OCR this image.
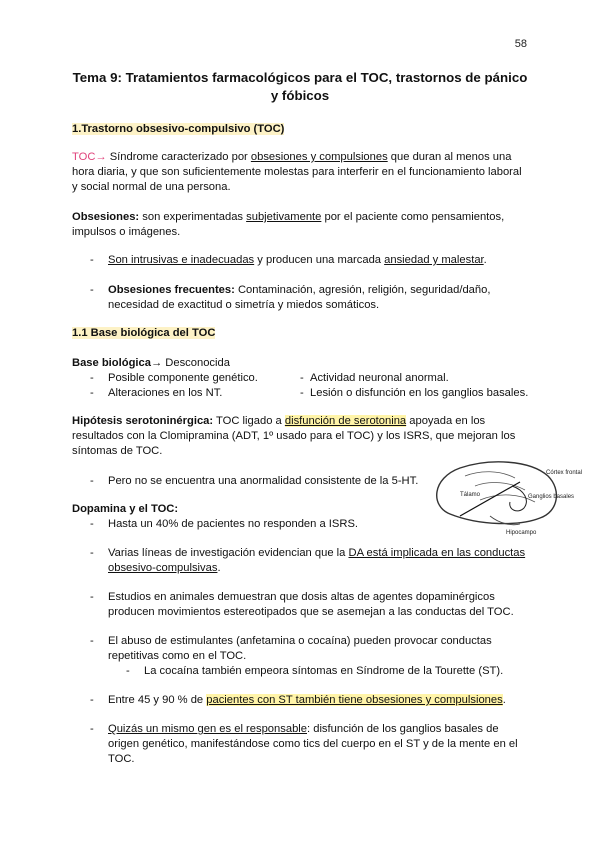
58
Tema 9: Tratamientos farmacológicos para el TOC, trastornos de pánico
y fóbicos
1.Trastorno obsesivo-compulsivo (TOC)
TOC→ Síndrome caracterizado por obsesiones y compulsiones que duran al menos una hora diaria, y que son suficientemente molestas para interferir en el funcionamiento laboral y social normal de una persona.
Obsesiones: son experimentadas subjetivamente por el paciente como pensamientos, impulsos o imágenes.
- Son intrusivas e inadecuadas y producen una marcada ansiedad y malestar.
- Obsesiones frecuentes: Contaminación, agresión, religión, seguridad/daño, necesidad de exactitud o simetría y miedos somáticos.
1.1 Base biológica del TOC
Base biológica→ Desconocida
- Posible componente genético.
- Alteraciones en los NT.
- Actividad neuronal anormal.
- Lesión o disfunción en los ganglios basales.
Hipótesis serotoninérgica: TOC ligado a disfunción de serotonina apoyada en los resultados con la Clomipramina (ADT, 1º usado para el TOC) y los ISRS, que mejoran los síntomas de TOC.
- Pero no se encuentra una anormalidad consistente de la 5-HT.
Córtex frontal
Ganglios basales
Tálamo
Hipocampo
Dopamina y el TOC:
- Hasta un 40% de pacientes no responden a ISRS.
- Varias líneas de investigación evidencian que la DA está implicada en las conductas obsesivo-compulsivas.
- Estudios en animales demuestran que dosis altas de agentes dopaminérgicos producen movimientos estereotipados que se asemejan a las conductas del TOC.
- El abuso de estimulantes (anfetamina o cocaína) pueden provocar conductas repetitivas como en el TOC.
- La cocaína también empeora síntomas en Síndrome de la Tourette (ST).
- Entre 45 y 90 % de pacientes con ST también tiene obsesiones y compulsiones.
- Quizás un mismo gen es el responsable: disfunción de los ganglios basales de origen genético, manifestándose como tics del cuerpo en el ST y de la mente en el TOC.
